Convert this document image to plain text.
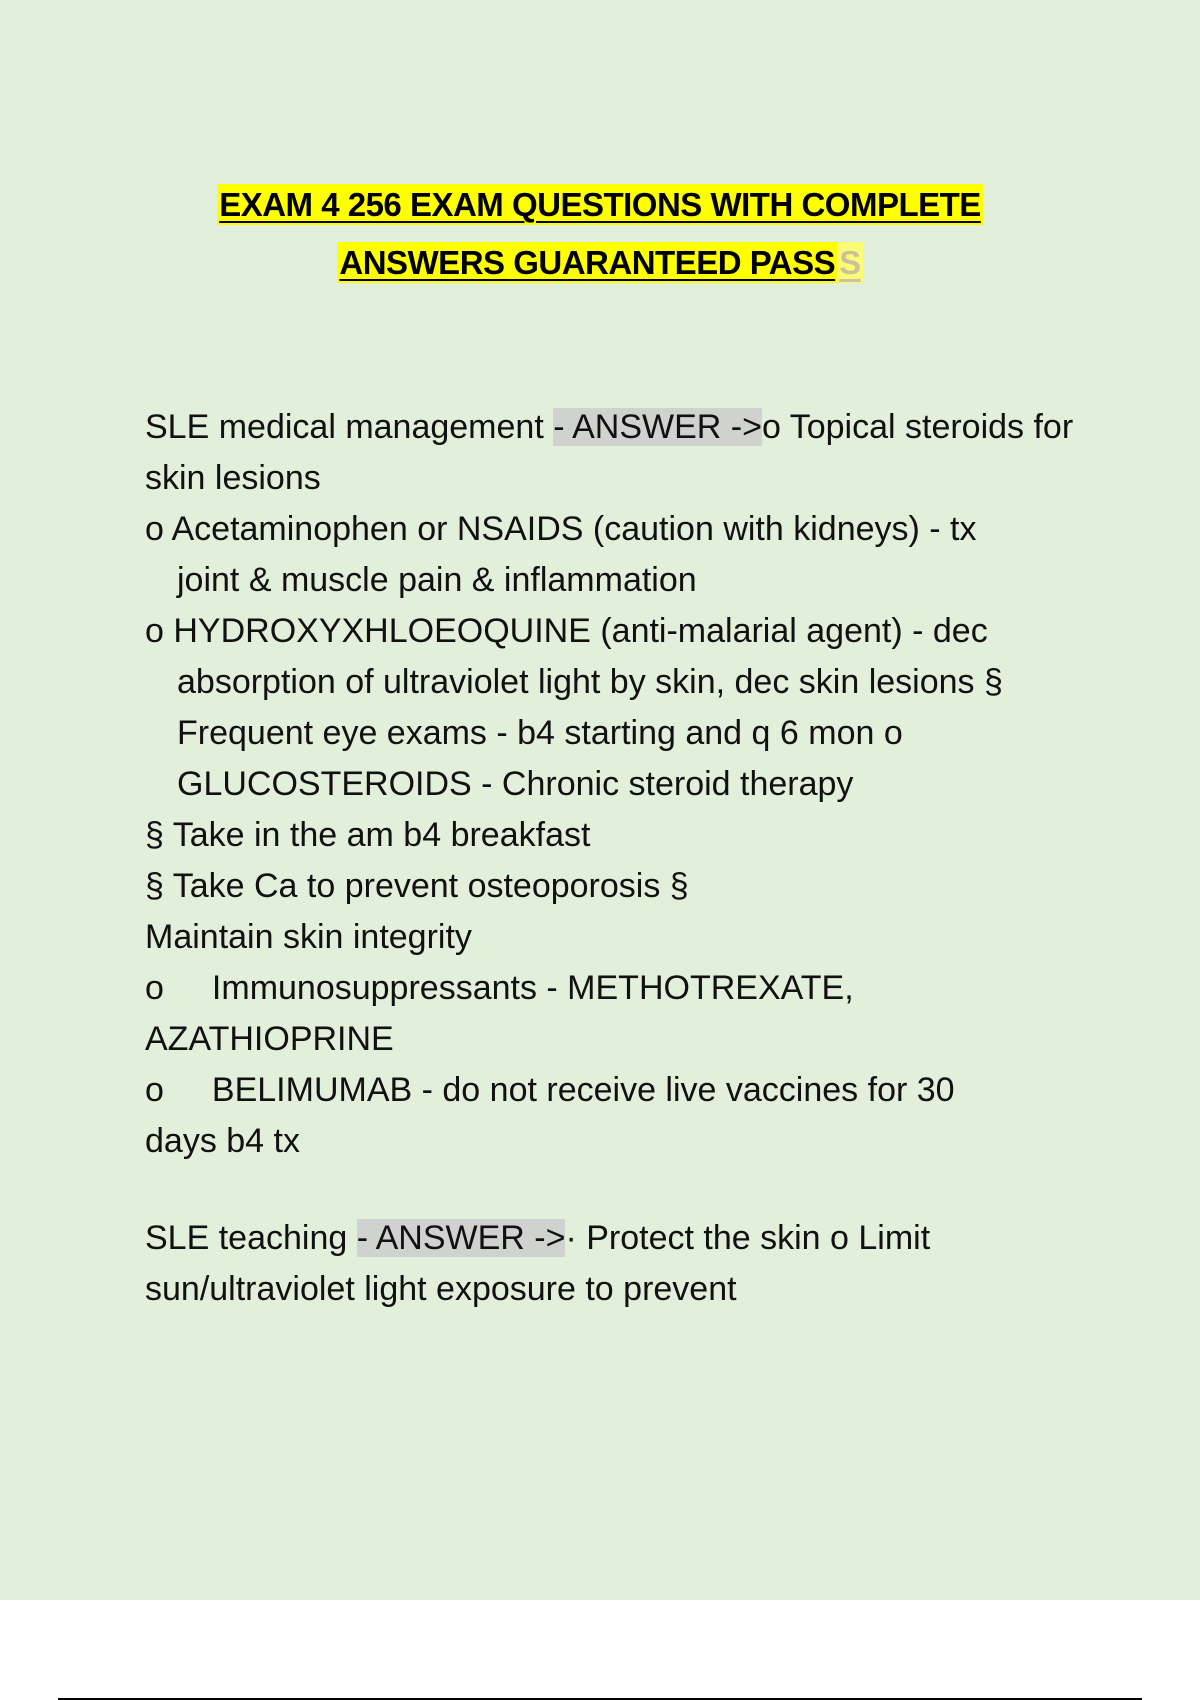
EXAM 4 256 EXAM QUESTIONS WITH COMPLETE
ANSWERS GUARANTEED PASS S
SLE medical management - ANSWER ->o Topical steroids for
skin lesions
o Acetaminophen or NSAIDS (caution with kidneys) - tx
joint & muscle pain & inflammation
o HYDROXYXHLOEOQUINE (anti-malarial agent) - dec
absorption of ultraviolet light by skin, dec skin lesions §
Frequent eye exams - b4 starting and q 6 mon o
GLUCOSTEROIDS - Chronic steroid therapy
§ Take in the am b4 breakfast
§ Take Ca to prevent osteoporosis §
Maintain skin integrity
o Immunosuppressants - METHOTREXATE,
AZATHIOPRINE
o BELIMUMAB - do not receive live vaccines for 30
days b4 tx
SLE teaching - ANSWER ->· Protect the skin o Limit
sun/ultraviolet light exposure to prevent
